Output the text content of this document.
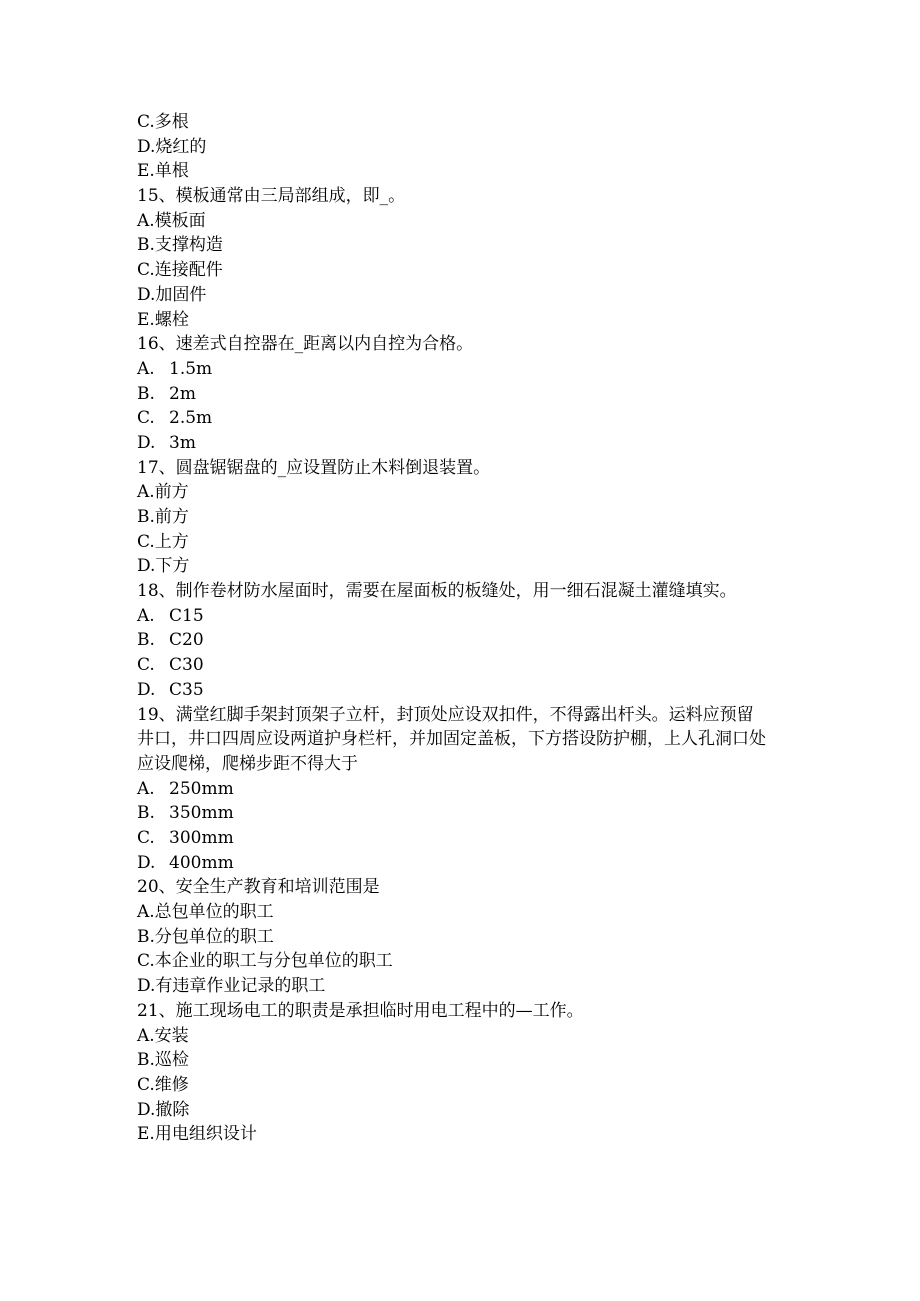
C.多根
D.烧红的
E.单根
15、模板通常由三局部组成，即_。
A.模板面
B.支撑构造
C.连接配件
D.加固件
E.螺栓
16、速差式自控器在_距离以内自控为合格。
A. 1.5m
B. 2m
C. 2.5m
D. 3m
17、圆盘锯锯盘的_应设置防止木料倒退装置。
A.前方
B.前方
C.上方
D.下方
18、制作卷材防水屋面时，需要在屋面板的板缝处，用一细石混凝土灌缝填实。
A. C15
B. C20
C. C30
D. C35
19、满堂红脚手架封顶架子立杆，封顶处应设双扣件，不得露出杆头。运料应预留井口，井口四周应设两道护身栏杆，并加固定盖板，下方搭设防护棚，上人孔洞口处应设爬梯，爬梯步距不得大于
A. 250mm
B. 350mm
C. 300mm
D. 400mm
20、安全生产教育和培训范围是
A.总包单位的职工
B.分包单位的职工
C.本企业的职工与分包单位的职工
D.有违章作业记录的职工
21、施工现场电工的职责是承担临时用电工程中的—工作。
A.安装
B.巡检
C.维修
D.撤除
E.用电组织设计
